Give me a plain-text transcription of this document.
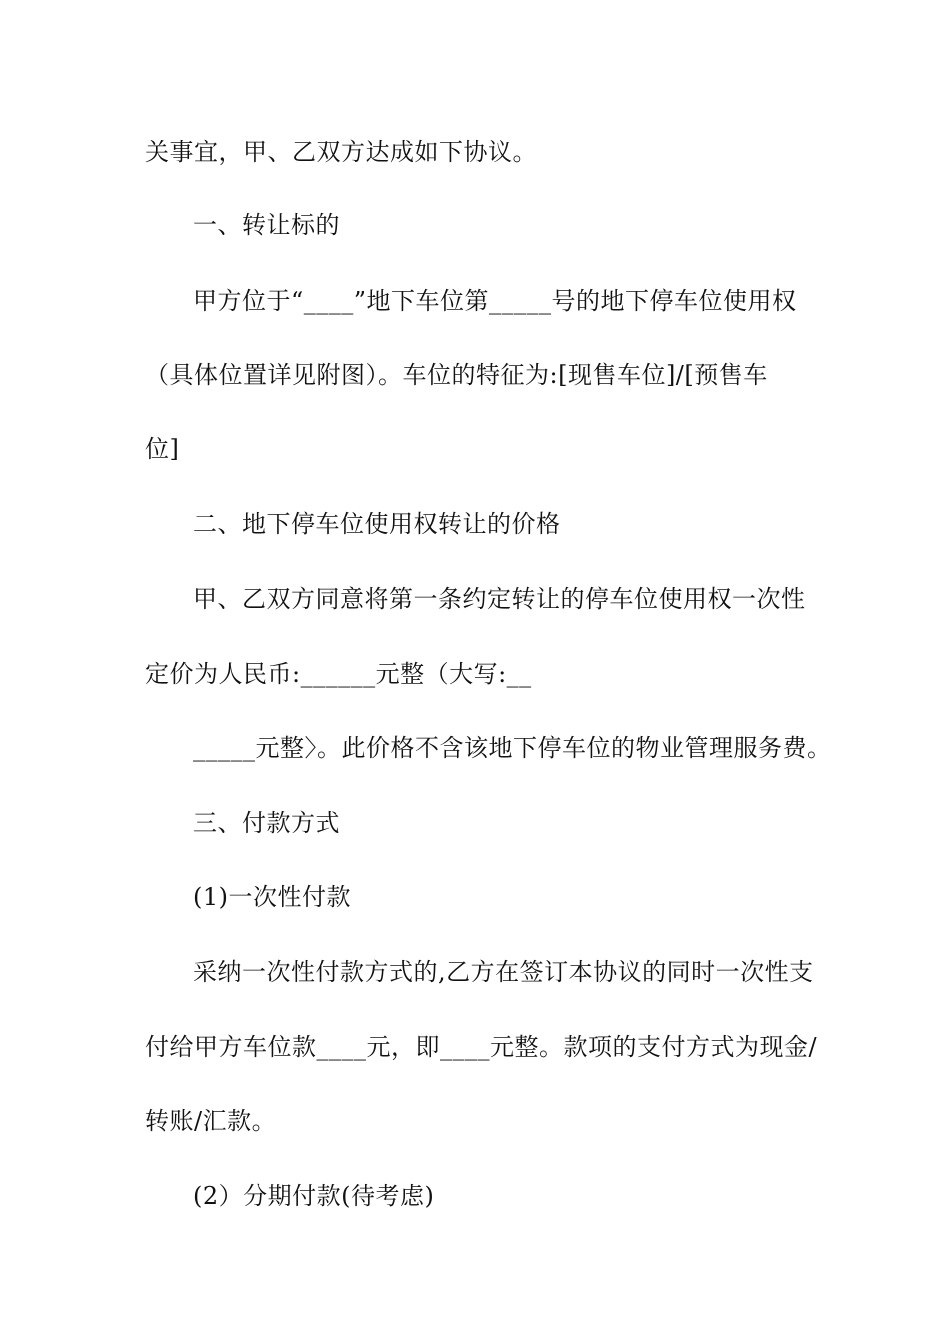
关事宜，甲、乙双方达成如下协议。
一、转让标的
甲方位于“____”地下车位第_____号的地下停车位使用权
（具体位置详见附图）。车位的特征为:[现售车位]/[预售车
位]
二、地下停车位使用权转让的价格
甲、乙双方同意将第一条约定转让的停车位使用权一次性
定价为人民币:______元整（大写:__
_____元整〉。此价格不含该地下停车位的物业管理服务费。
三、付款方式
(1)一次性付款
采纳一次性付款方式的,乙方在签订本协议的同时一次性支
付给甲方车位款____元，即____元整。款项的支付方式为现金/
转账/汇款。
(2）分期付款(待考虑)
